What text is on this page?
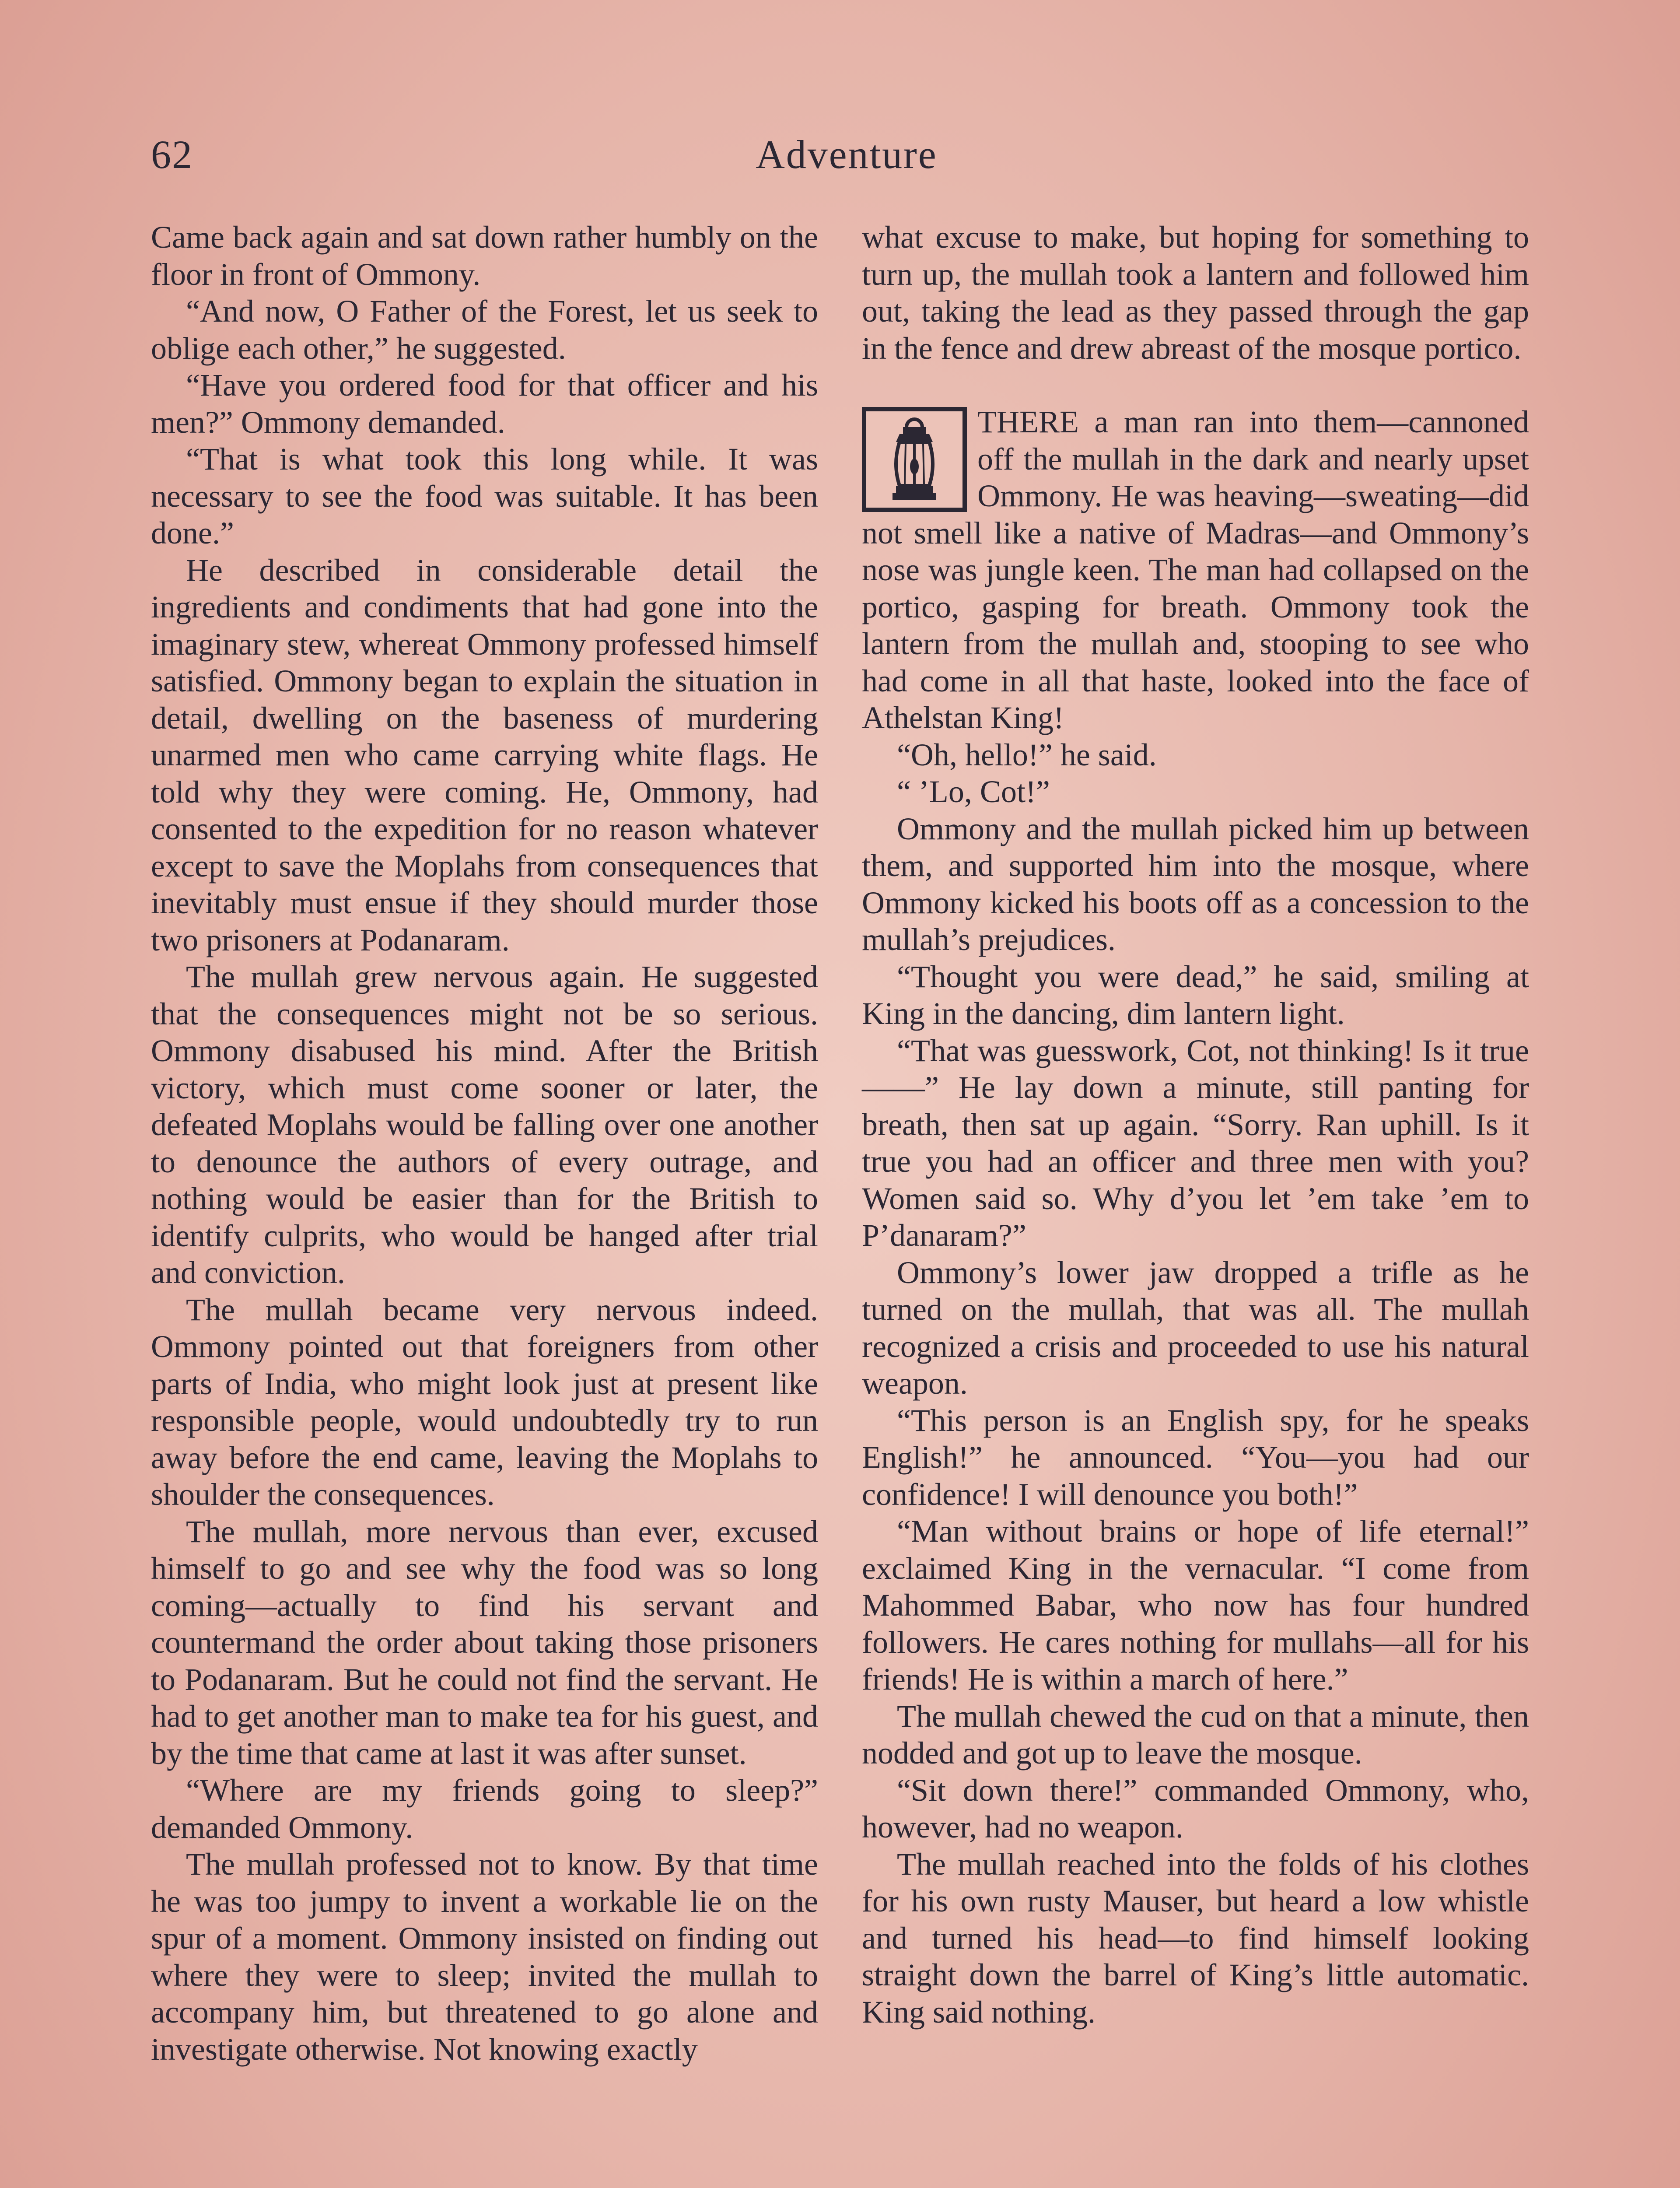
62	Adventure

Came back again and sat down rather humbly on the floor in front of Ommony.

“And now, O Father of the Forest, let us seek to oblige each other,” he suggested.

“Have you ordered food for that officer and his men?” Ommony demanded.

“That is what took this long while. It was necessary to see the food was suitable. It has been done.”

He described in considerable detail the ingredients and condiments that had gone into the imaginary stew, whereat Ommony professed himself satisfied. Ommony began to explain the situation in detail, dwelling on the baseness of murdering unarmed men who came carrying white flags. He told why they were coming. He, Ommony, had consented to the expedition for no reason whatever except to save the Moplahs from consequences that inevitably must ensue if they should murder those two prisoners at Podanaram.

The mullah grew nervous again. He suggested that the consequences might not be so serious. Ommony disabused his mind. After the British victory, which must come sooner or later, the defeated Moplahs would be falling over one another to denounce the authors of every outrage, and nothing would be easier than for the British to identify culprits, who would be hanged after trial and conviction.

The mullah became very nervous indeed. Ommony pointed out that foreigners from other parts of India, who might look just at present like responsible people, would undoubtedly try to run away before the end came, leaving the Moplahs to shoulder the consequences.

The mullah, more nervous than ever, excused himself to go and see why the food was so long coming—actually to find his servant and countermand the order about taking those prisoners to Podanaram. But he could not find the servant. He had to get another man to make tea for his guest, and by the time that came at last it was after sunset.

“Where are my friends going to sleep?” demanded Ommony.

The mullah professed not to know. By that time he was too jumpy to invent a workable lie on the spur of a moment. Ommony insisted on finding out where they were to sleep; invited the mullah to accompany him, but threatened to go alone and investigate otherwise. Not knowing exactly

what excuse to make, but hoping for something to turn up, the mullah took a lantern and followed him out, taking the lead as they passed through the gap in the fence and drew abreast of the mosque portico.

THERE a man ran into them—cannoned off the mullah in the dark and nearly upset Ommony. He was heaving—sweating—did not smell like a native of Madras—and Ommony’s nose was jungle keen. The man had collapsed on the portico, gasping for breath. Ommony took the lantern from the mullah and, stooping to see who had come in all that haste, looked into the face of Athelstan King!

“Oh, hello!” he said.

“ ’Lo, Cot!”

Ommony and the mullah picked him up between them, and supported him into the mosque, where Ommony kicked his boots off as a concession to the mullah’s prejudices.

“Thought you were dead,” he said, smiling at King in the dancing, dim lantern light.

“That was guesswork, Cot, not thinking! Is it true——” He lay down a minute, still panting for breath, then sat up again. “Sorry. Ran uphill. Is it true you had an officer and three men with you? Women said so. Why d’you let ’em take ’em to P’danaram?”

Ommony’s lower jaw dropped a trifle as he turned on the mullah, that was all. The mullah recognized a crisis and proceeded to use his natural weapon.

“This person is an English spy, for he speaks English!” he announced. “You—you had our confidence! I will denounce you both!”

“Man without brains or hope of life eternal!” exclaimed King in the vernacular. “I come from Mahommed Babar, who now has four hundred followers. He cares nothing for mullahs—all for his friends! He is within a march of here.”

The mullah chewed the cud on that a minute, then nodded and got up to leave the mosque.

“Sit down there!” commanded Ommony, who, however, had no weapon.

The mullah reached into the folds of his clothes for his own rusty Mauser, but heard a low whistle and turned his head—to find himself looking straight down the barrel of King’s little automatic. King said nothing.
